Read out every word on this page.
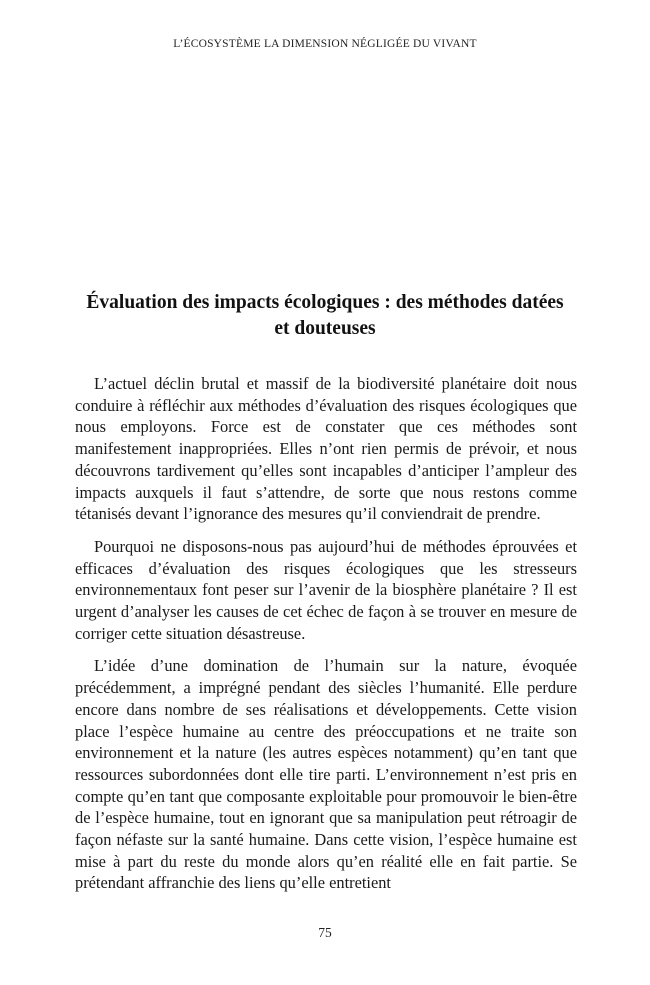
L’ÉCOSYSTÈME LA DIMENSION NÉGLIGÉE DU VIVANT
Évaluation des impacts écologiques : des méthodes datées et douteuses

L’actuel déclin brutal et massif de la biodiversité planétaire doit nous conduire à réfléchir aux méthodes d’évaluation des risques écologiques que nous employons. Force est de constater que ces méthodes sont manifestement inappropriées. Elles n’ont rien permis de prévoir, et nous découvrons tardivement qu’elles sont incapables d’anticiper l’ampleur des impacts auxquels il faut s’attendre, de sorte que nous restons comme tétanisés devant l’ignorance des mesures qu’il conviendrait de prendre.

Pourquoi ne disposons-nous pas aujourd’hui de méthodes éprouvées et efficaces d’évaluation des risques écologiques que les stresseurs environnementaux font peser sur l’avenir de la biosphère planétaire ? Il est urgent d’analyser les causes de cet échec de façon à se trouver en mesure de corriger cette situation désastreuse.

L’idée d’une domination de l’humain sur la nature, évoquée précédemment, a imprégné pendant des siècles l’humanité. Elle perdure encore dans nombre de ses réalisations et développements. Cette vision place l’espèce humaine au centre des préoccupations et ne traite son environnement et la nature (les autres espèces notamment) qu’en tant que ressources subordonnées dont elle tire parti. L’environnement n’est pris en compte qu’en tant que composante exploitable pour promouvoir le bien-être de l’espèce humaine, tout en ignorant que sa manipulation peut rétroagir de façon néfaste sur la santé humaine. Dans cette vision, l’espèce humaine est mise à part du reste du monde alors qu’en réalité elle en fait partie. Se prétendant affranchie des liens qu’elle entretient

75
